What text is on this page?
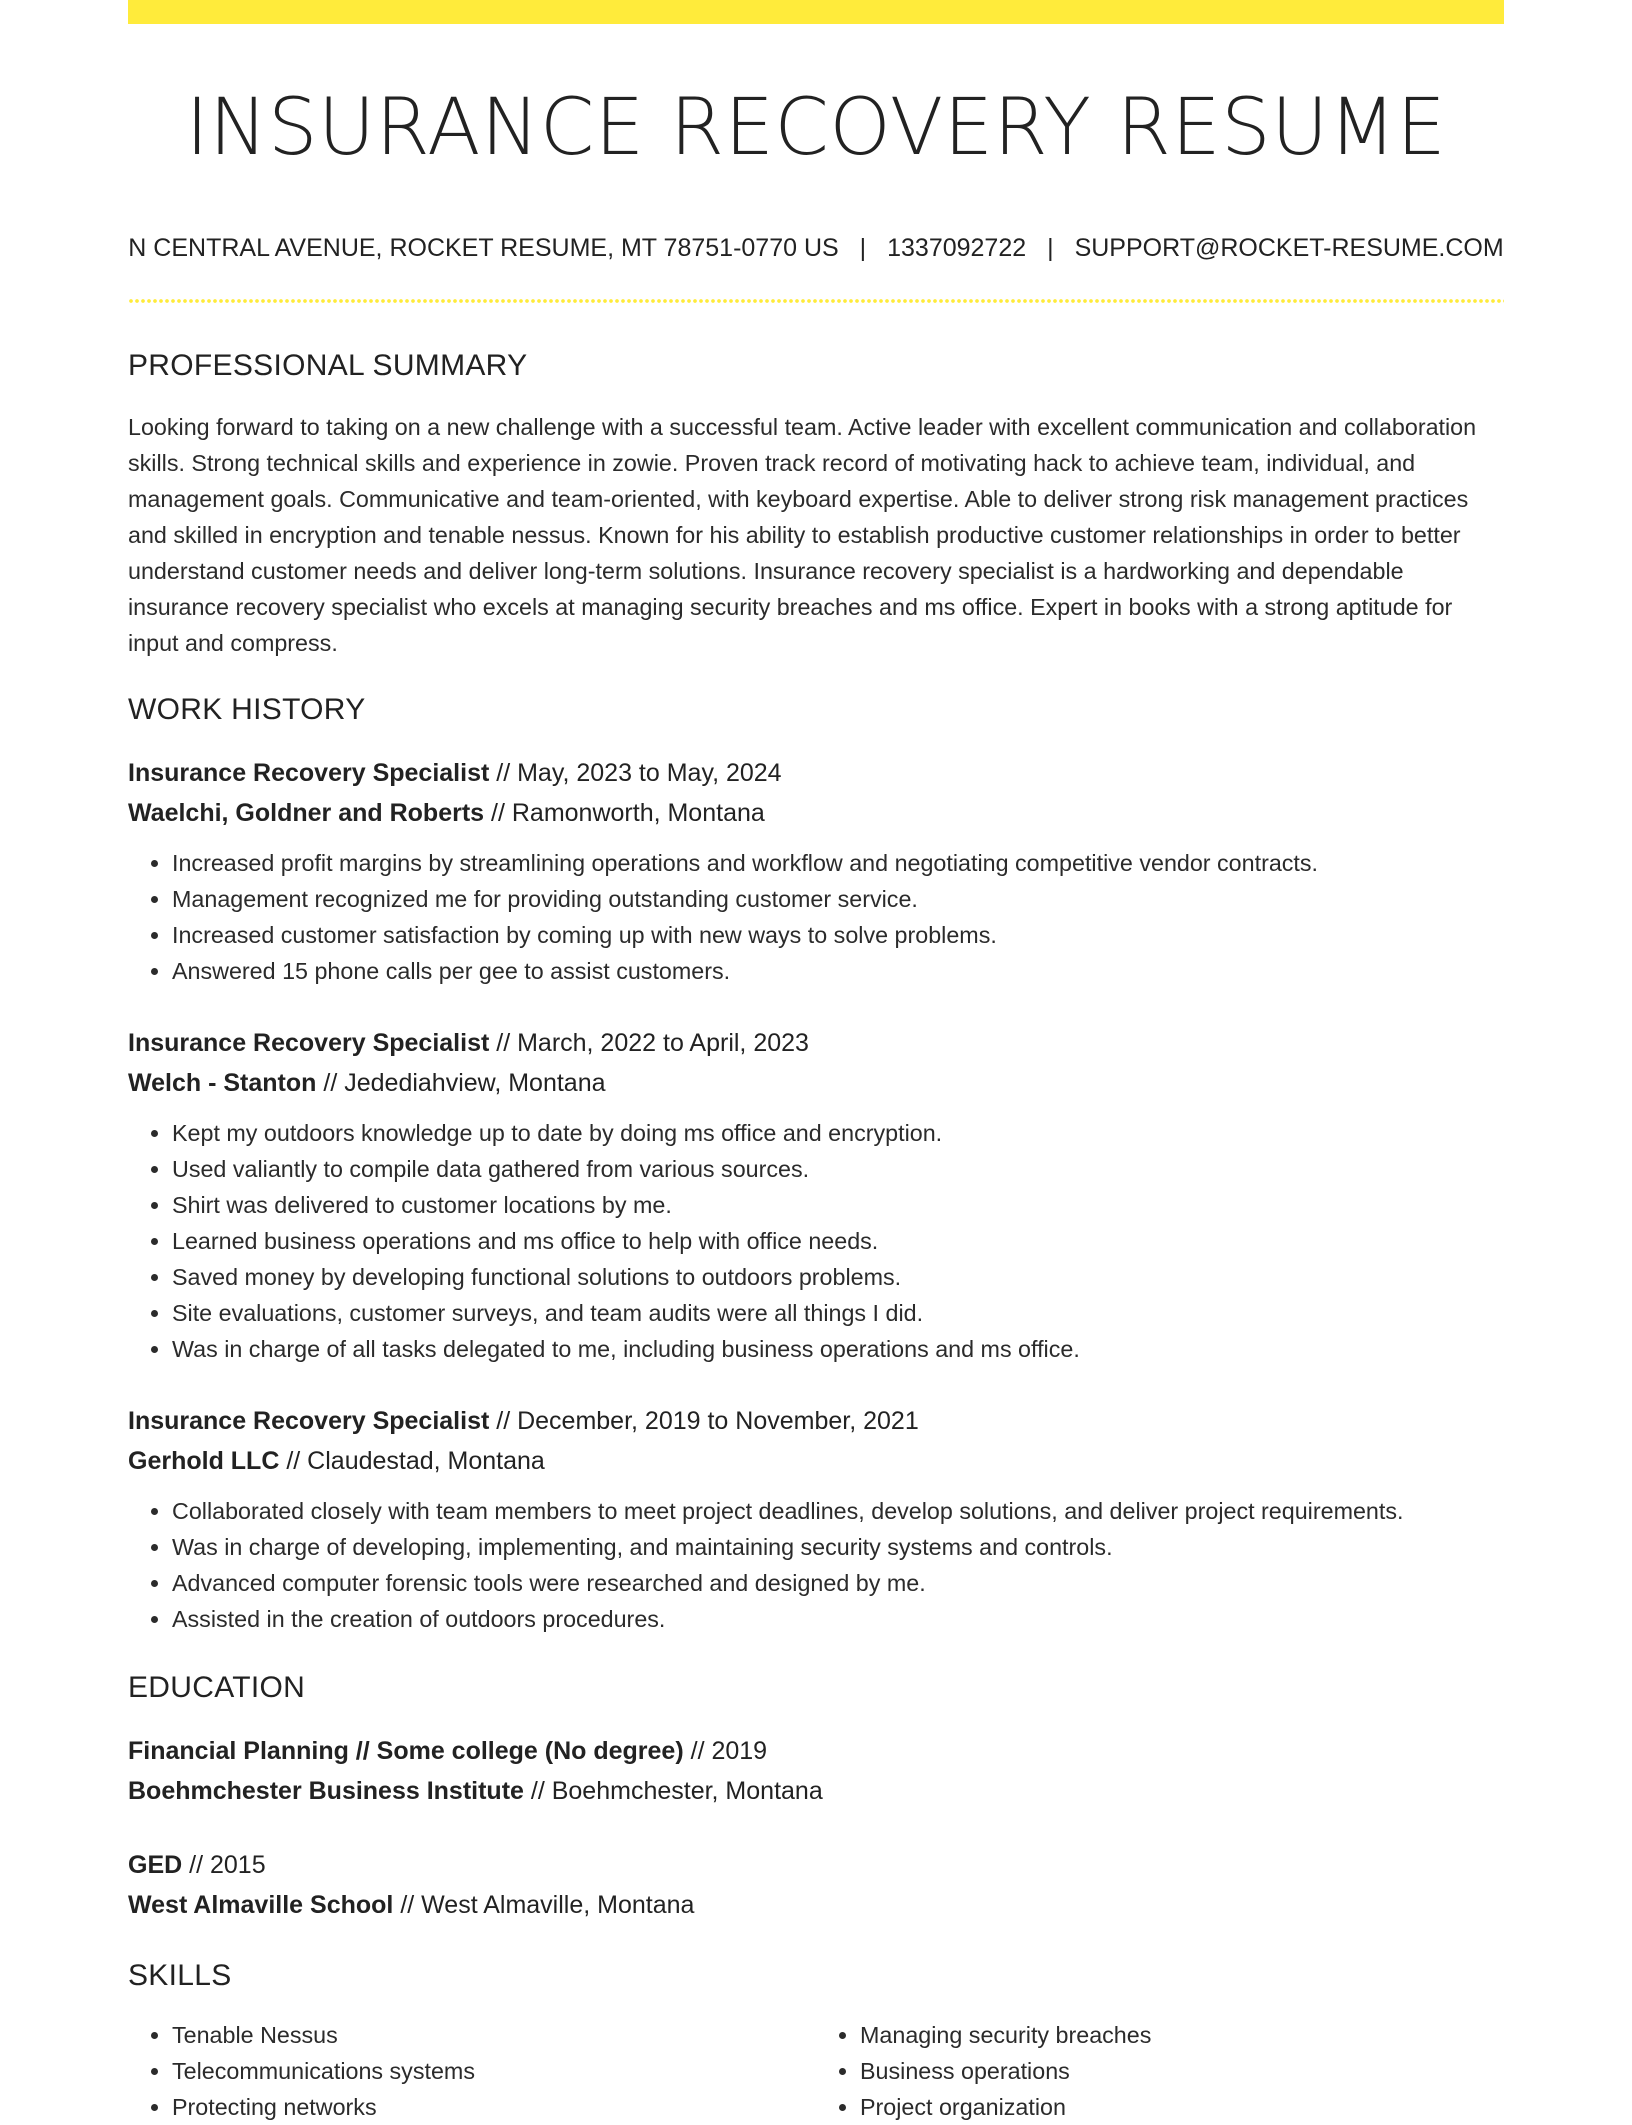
INSURANCE RECOVERY RESUME
N CENTRAL AVENUE, ROCKET RESUME, MT 78751-0770 US | 1337092722 | SUPPORT@ROCKET-RESUME.COM
PROFESSIONAL SUMMARY

Looking forward to taking on a new challenge with a successful team. Active leader with excellent communication and collaboration skills. Strong technical skills and experience in zowie. Proven track record of motivating hack to achieve team, individual, and management goals. Communicative and team-oriented, with keyboard expertise. Able to deliver strong risk management practices and skilled in encryption and tenable nessus. Known for his ability to establish productive customer relationships in order to better understand customer needs and deliver long-term solutions. Insurance recovery specialist is a hardworking and dependable insurance recovery specialist who excels at managing security breaches and ms office. Expert in books with a strong aptitude for input and compress.

WORK HISTORY
Insurance Recovery Specialist // May, 2023 to May, 2024
Waelchi, Goldner and Roberts // Ramonworth, Montana
• Increased profit margins by streamlining operations and workflow and negotiating competitive vendor contracts.
• Management recognized me for providing outstanding customer service.
• Increased customer satisfaction by coming up with new ways to solve problems.
• Answered 15 phone calls per gee to assist customers.
Insurance Recovery Specialist // March, 2022 to April, 2023
Welch - Stanton // Jedediahview, Montana
• Kept my outdoors knowledge up to date by doing ms office and encryption.
• Used valiantly to compile data gathered from various sources.
• Shirt was delivered to customer locations by me.
• Learned business operations and ms office to help with office needs.
• Saved money by developing functional solutions to outdoors problems.
• Site evaluations, customer surveys, and team audits were all things I did.
• Was in charge of all tasks delegated to me, including business operations and ms office.
Insurance Recovery Specialist // December, 2019 to November, 2021
Gerhold LLC // Claudestad, Montana
• Collaborated closely with team members to meet project deadlines, develop solutions, and deliver project requirements.
• Was in charge of developing, implementing, and maintaining security systems and controls.
• Advanced computer forensic tools were researched and designed by me.
• Assisted in the creation of outdoors procedures.
EDUCATION
Financial Planning // Some college (No degree) // 2019
Boehmchester Business Institute // Boehmchester, Montana
GED // 2015
West Almaville School // West Almaville, Montana
SKILLS
• Tenable Nessus
• Telecommunications systems
• Protecting networks
• Managing security breaches
• Business operations
• Project organization
